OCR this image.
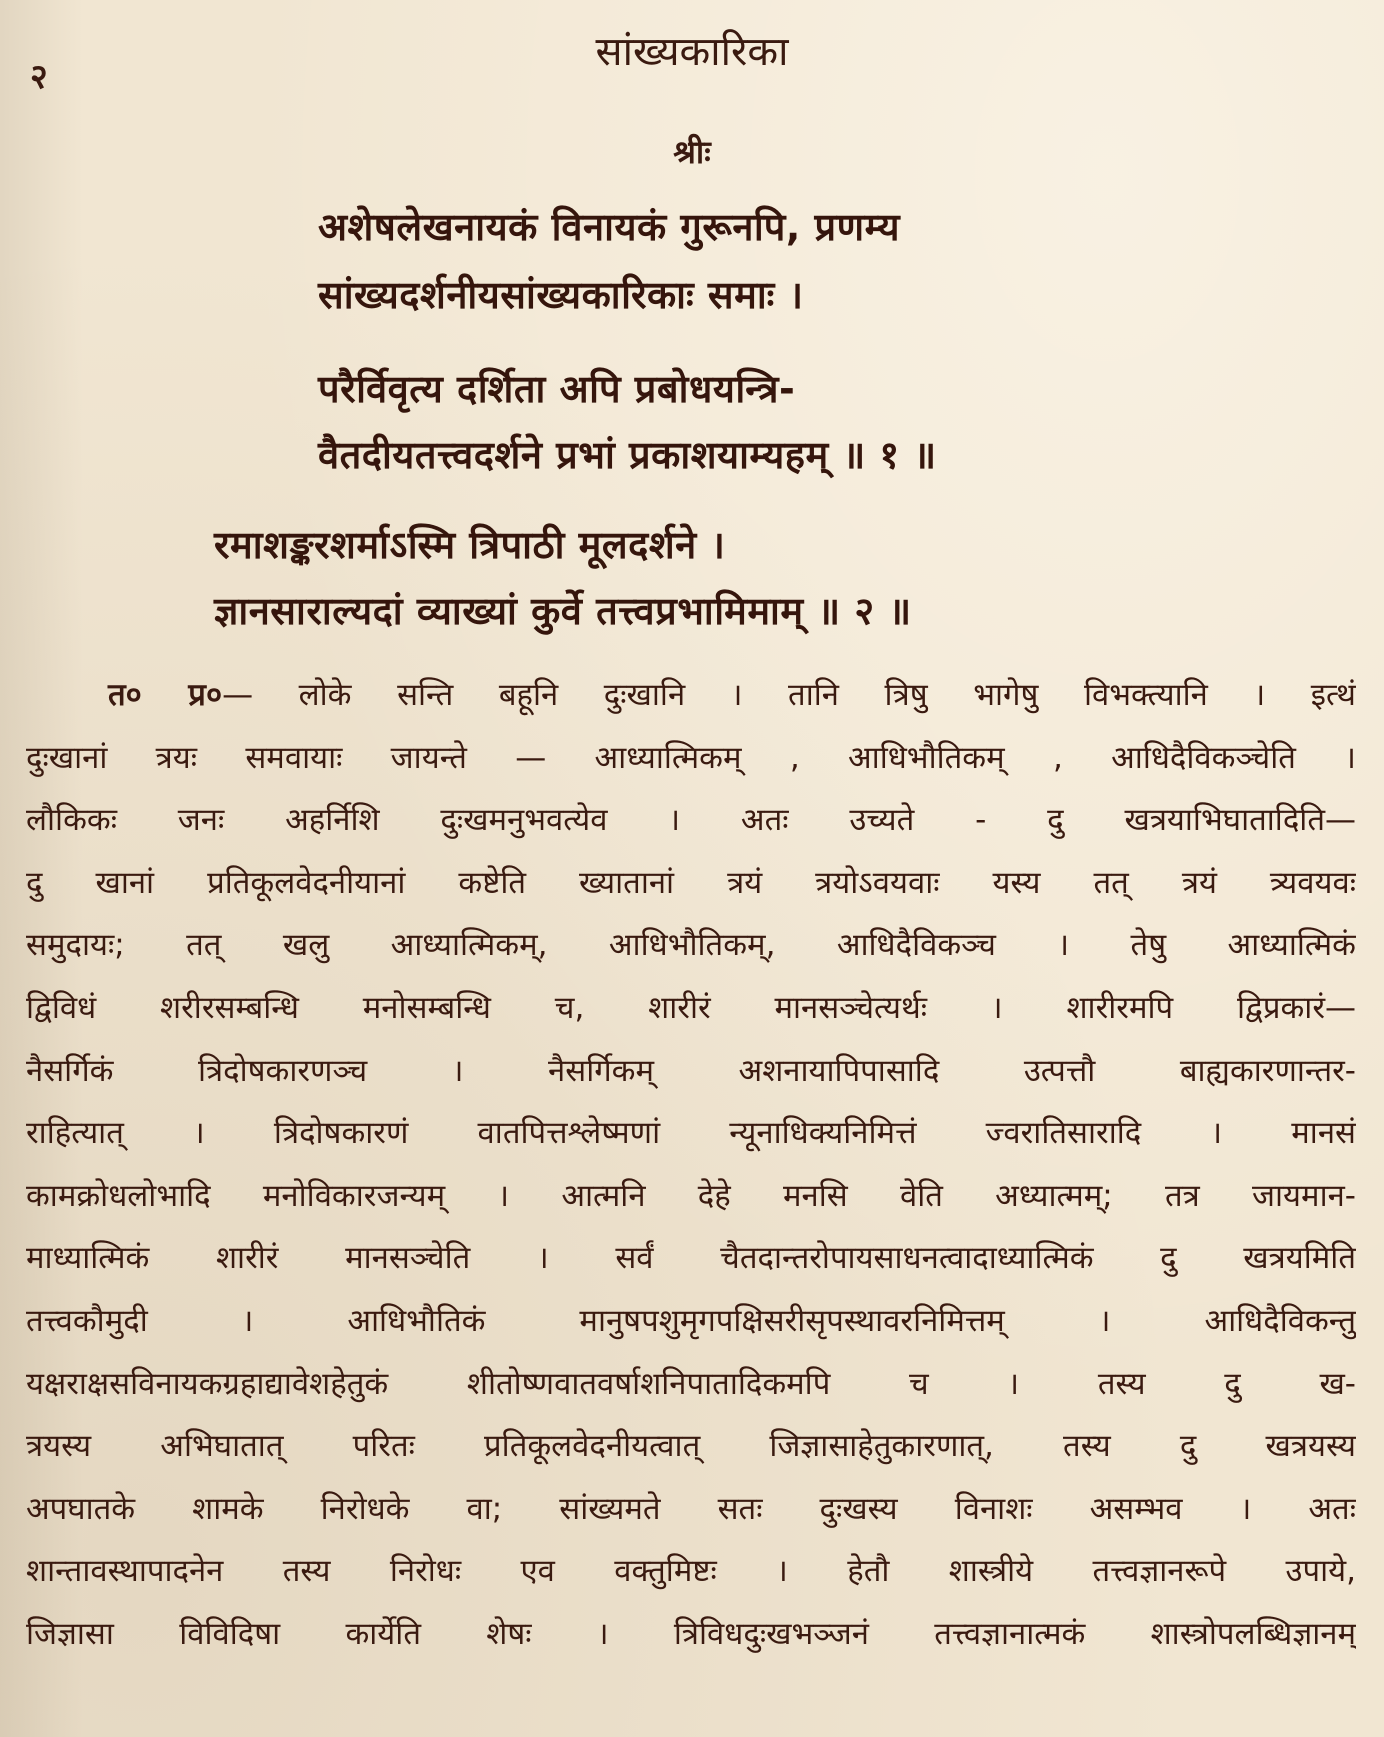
२
सांख्यकारिका
श्रीः
अशेषलेखनायकं विनायकं गुरूनपि, प्रणम्य
सांख्यदर्शनीयसांख्यकारिकाः समाः ।
परैर्विवृत्य दर्शिता अपि प्रबोधयन्त्रि-
वैतदीयतत्त्वदर्शने प्रभां प्रकाशयाम्यहम् ॥ १ ॥
रमाशङ्करशर्माऽस्मि त्रिपाठी मूलदर्शने ।
ज्ञानसाराल्यदां व्याख्यां कुर्वे तत्त्वप्रभामिमाम् ॥ २ ॥
त० प्र०— लोके सन्ति बहूनि दुःखानि । तानि त्रिषु भागेषु विभक्त्यानि । इत्थं
दुःखानां त्रयः समवायाः जायन्ते — आध्यात्मिकम् , आधिभौतिकम् , आधिदैविकञ्चेति ।
लौकिकः जनः अहर्निशि दुःखमनुभवत्येव । अतः उच्यते - दु खत्रयाभिघातादिति—
दु खानां प्रतिकूलवेदनीयानां कष्टेति ख्यातानां त्रयं त्रयोऽवयवाः यस्य तत् त्रयं त्र्यवयवः
समुदायः; तत् खलु आध्यात्मिकम्, आधिभौतिकम्, आधिदैविकञ्च । तेषु आध्यात्मिकं
द्विविधं शरीरसम्बन्धि मनोसम्बन्धि च, शारीरं मानसञ्चेत्यर्थः । शारीरमपि द्विप्रकारं—
नैसर्गिकं त्रिदोषकारणञ्च । नैसर्गिकम् अशनायापिपासादि उत्पत्तौ बाह्यकारणान्तर-
राहित्यात् । त्रिदोषकारणं वातपित्तश्लेष्मणां न्यूनाधिक्यनिमित्तं ज्वरातिसारादि । मानसं
कामक्रोधलोभादि मनोविकारजन्यम् । आत्मनि देहे मनसि वेति अध्यात्मम्; तत्र जायमान-
माध्यात्मिकं शारीरं मानसञ्चेति । सर्वं चैतदान्तरोपायसाधनत्वादाध्यात्मिकं दु खत्रयमिति
तत्त्वकौमुदी । आधिभौतिकं मानुषपशुमृगपक्षिसरीसृपस्थावरनिमित्तम् । आधिदैविकन्तु
यक्षराक्षसविनायकग्रहाद्यावेशहेतुकं शीतोष्णवातवर्षाशनिपातादिकमपि च । तस्य दु ख-
त्रयस्य अभिघातात् परितः प्रतिकूलवेदनीयत्वात् जिज्ञासाहेतुकारणात्, तस्य दु खत्रयस्य
अपघातके शामके निरोधके वा; सांख्यमते सतः दुःखस्य विनाशः असम्भव । अतः
शान्तावस्थापादनेन तस्य निरोधः एव वक्तुमिष्टः । हेतौ शास्त्रीये तत्त्वज्ञानरूपे उपाये,
जिज्ञासा विविदिषा कार्येति शेषः । त्रिविधदुःखभञ्जनं तत्त्वज्ञानात्मकं शास्त्रोपलब्धिज्ञानम्
